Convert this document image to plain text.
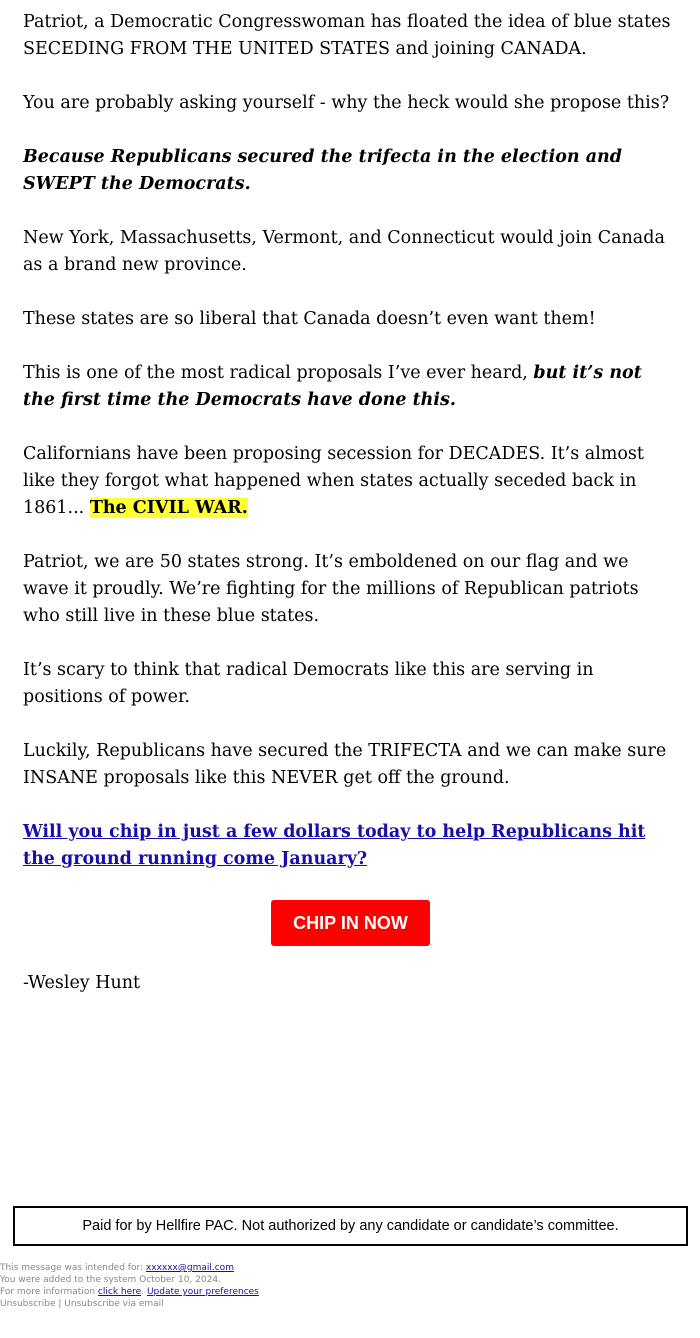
Patriot, a Democratic Congresswoman has floated the idea of blue states SECEDING FROM THE UNITED STATES and joining CANADA.

You are probably asking yourself - why the heck would she propose this?

Because Republicans secured the trifecta in the election and SWEPT the Democrats.

New York, Massachusetts, Vermont, and Connecticut would join Canada as a brand new province.

These states are so liberal that Canada doesn’t even want them!

This is one of the most radical proposals I’ve ever heard, but it’s not the first time the Democrats have done this.

Californians have been proposing secession for DECADES. It’s almost like they forgot what happened when states actually seceded back in 1861... The CIVIL WAR.

Patriot, we are 50 states strong. It’s emboldened on our flag and we wave it proudly. We’re fighting for the millions of Republican patriots who still live in these blue states.

It’s scary to think that radical Democrats like this are serving in positions of power.

Luckily, Republicans have secured the TRIFECTA and we can make sure INSANE proposals like this NEVER get off the ground.

Will you chip in just a few dollars today to help Republicans hit the ground running come January?

CHIP IN NOW

-Wesley Hunt

Paid for by Hellfire PAC. Not authorized by any candidate or candidate’s committee.
This message was intended for: xxxxxx@gmail.com
You were added to the system October 10, 2024.
For more information click here. Update your preferences
Unsubscribe | Unsubscribe via email
